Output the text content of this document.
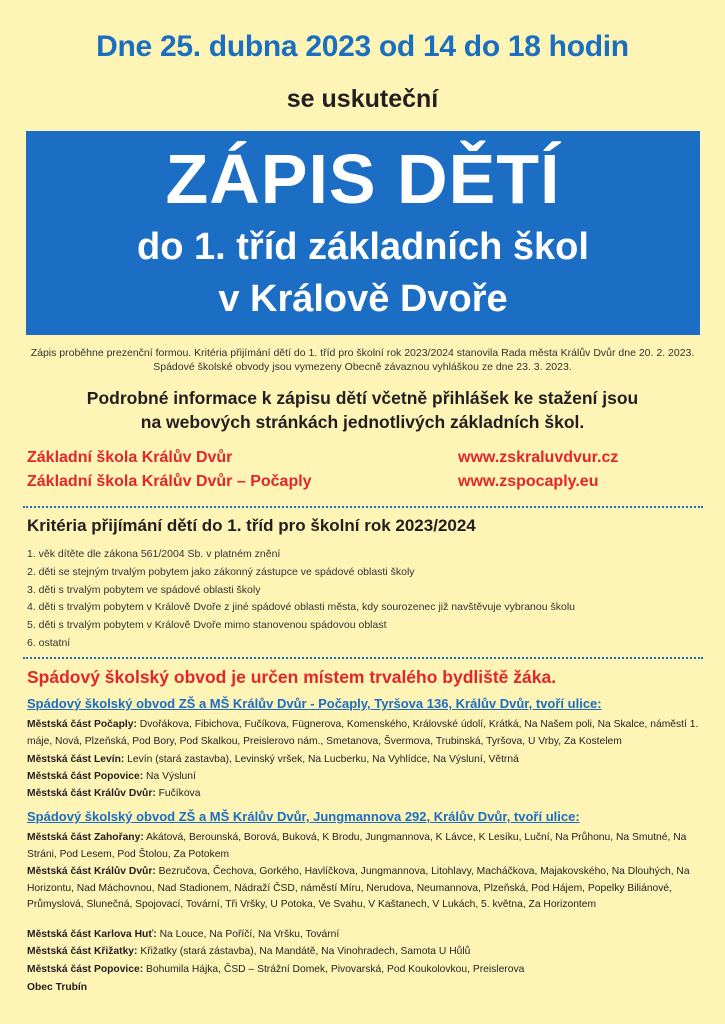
Dne 25. dubna 2023 od 14 do 18 hodin
se uskuteční
ZÁPIS DĚTÍ
do 1. tříd základních škol
v Králově Dvoře
Zápis proběhne prezenční formou. Kritéria přijímání dětí do 1. tříd pro školní rok 2023/2024 stanovila Rada města Králův Dvůr dne 20. 2. 2023.
Spádové školské obvody jsou vymezeny Obecně závaznou vyhláškou ze dne 23. 3. 2023.
Podrobné informace k zápisu dětí včetně přihlášek ke stažení jsou
na webových stránkách jednotlivých základních škol.
Základní škola Králův Dvůr	www.zskraluvdvur.cz
Základní škola Králův Dvůr – Počaply	www.zspocaply.eu
Kritéria přijímání dětí do 1. tříd pro školní rok 2023/2024
1. věk dítěte dle zákona 561/2004 Sb. v platném znění
2. děti se stejným trvalým pobytem jako zákonný zástupce ve spádové oblasti školy
3. děti s trvalým pobytem ve spádové oblasti školy
4. děti s trvalým pobytem v Králově Dvoře z jiné spádové oblasti města, kdy sourozenec již navštěvuje vybranou školu
5. děti s trvalým pobytem v Králově Dvoře mimo stanovenou spádovou oblast
6. ostatní
Spádový školský obvod je určen místem trvalého bydliště žáka.
Spádový školský obvod ZŠ a MŠ Králův Dvůr - Počaply, Tyršova 136, Králův Dvůr, tvoří ulice:
Městská část Počaply: Dvořákova, Fibichova, Fučíkova, Fügnerova, Komenského, Královské údolí, Krátká, Na Našem poli, Na Skalce, náměstí 1. máje, Nová, Plzeňská, Pod Bory, Pod Skalkou, Preislerovo nám., Smetanova, Švermova, Trubinská, Tyršova, U Vrby, Za Kostelem
Městská část Levín: Levín (stará zastavba), Levinský vršek, Na Lucberku, Na Vyhlídce, Na Výsluní, Větrná
Městská část Popovice: Na Výsluní
Městská část Králův Dvůr: Fučíkova
Spádový školský obvod ZŠ a MŠ Králův Dvůr, Jungmannova 292, Králův Dvůr, tvoří ulice:
Městská část Zahořany: Akátová, Berounská, Borová, Buková, K Brodu, Jungmannova, K Lávce, K Lesíku, Luční, Na Průhonu, Na Smutné, Na Stráni, Pod Lesem, Pod Štolou, Za Potokem
Městská část Králův Dvůr: Bezručova, Čechova, Gorkého, Havlíčkova, Jungmannova, Litohlavy, Macháčkova, Majakovského, Na Dlouhých, Na Horizontu, Nad Máchovnou, Nad Stadionem, Nádraží ČSD, náměstí Míru, Nerudova, Neumannova, Plzeňská, Pod Hájem, Popelky Biliánové, Průmyslová, Slunečná, Spojovací, Tovární, Tři Vršky, U Potoka, Ve Svahu, V Kaštanech, V Lukách, 5. května, Za Horizontem
Městská část Karlova Huť: Na Louce, Na Poříčí, Na Vršku, Tovární
Městská část Křižatky: Křižatky (stará zástavba), Na Mandátě, Na Vinohradech, Samota U Hůlů
Městská část Popovice: Bohumila Hájka, ČSD – Strážní Domek, Pivovarská, Pod Koukolovkou, Preislerova
Obec Trubín
